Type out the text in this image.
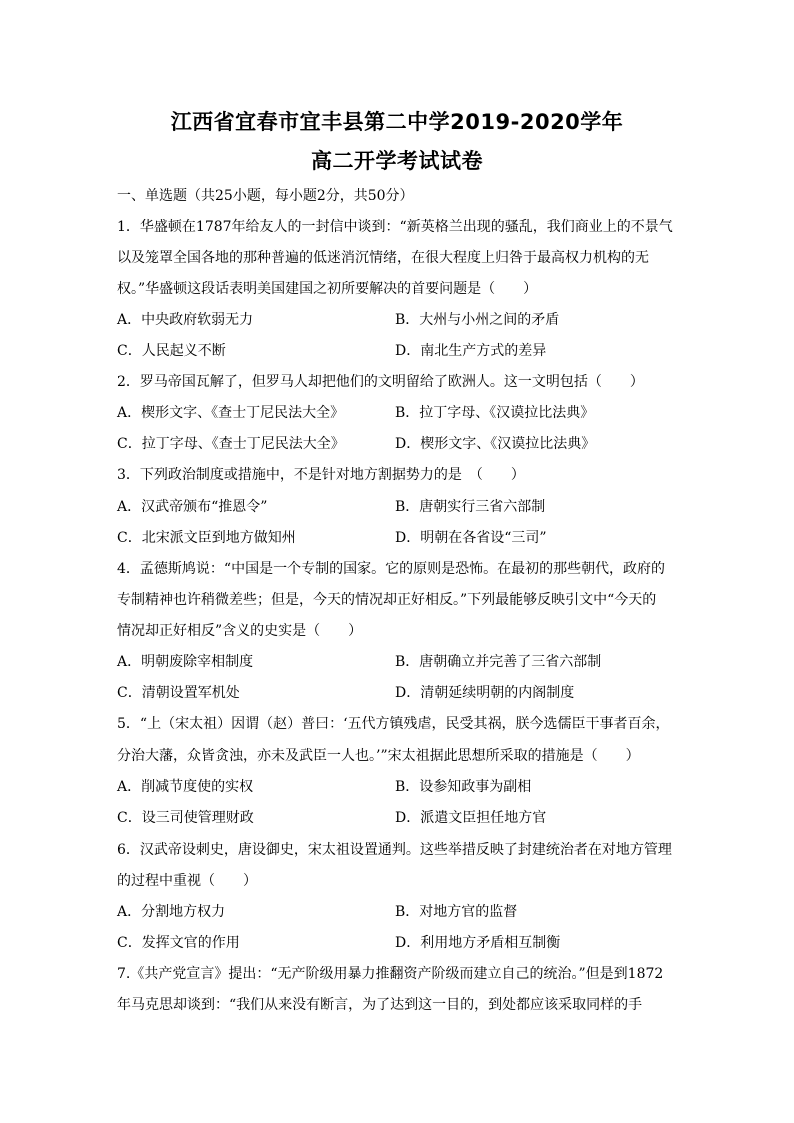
江西省宜春市宜丰县第二中学2019-2020学年
高二开学考试试卷
一、单选题（共25小题，每小题2分，共50分）
1．华盛顿在1787年给友人的一封信中谈到：“新英格兰出现的骚乱，我们商业上的不景气
以及笼罩全国各地的那种普遍的低迷消沉情绪，在很大程度上归咎于最高权力机构的无
权。”华盛顿这段话表明美国建国之初所要解决的首要问题是（　　）
A．中央政府软弱无力	B．大州与小州之间的矛盾
C．人民起义不断	D．南北生产方式的差异
2．罗马帝国瓦解了，但罗马人却把他们的文明留给了欧洲人。这一文明包括（　　）
A．楔形文字、《查士丁尼民法大全》	B．拉丁字母、《汉谟拉比法典》
C．拉丁字母、《查士丁尼民法大全》	D．楔形文字、《汉谟拉比法典》
3．下列政治制度或措施中，不是针对地方割据势力的是　（　　）
A．汉武帝颁布“推恩令”	B．唐朝实行三省六部制
C．北宋派文臣到地方做知州	D．明朝在各省设“三司”
4．孟德斯鸠说：“中国是一个专制的国家。它的原则是恐怖。在最初的那些朝代，政府的
专制精神也许稍微差些；但是，今天的情况却正好相反。”下列最能够反映引文中“今天的
情况却正好相反”含义的史实是（　　）
A．明朝废除宰相制度	B．唐朝确立并完善了三省六部制
C．清朝设置军机处	D．清朝延续明朝的内阁制度
5．“上（宋太祖）因谓（赵）普曰：‘五代方镇残虐，民受其祸，朕今选儒臣干事者百余，
分治大藩，众皆贪浊，亦未及武臣一人也。’”宋太祖据此思想所采取的措施是（　　）
A．削减节度使的实权	B．设参知政事为副相
C．设三司使管理财政	D．派遣文臣担任地方官
6．汉武帝设刺史，唐设御史，宋太祖设置通判。这些举措反映了封建统治者在对地方管理
的过程中重视（　　）
A．分割地方权力	B．对地方官的监督
C．发挥文官的作用	D．利用地方矛盾相互制衡
7.《共产党宣言》提出：“无产阶级用暴力推翻资产阶级而建立自己的统治。”但是到1872
年马克思却谈到：“我们从来没有断言，为了达到这一目的，到处都应该采取同样的手
